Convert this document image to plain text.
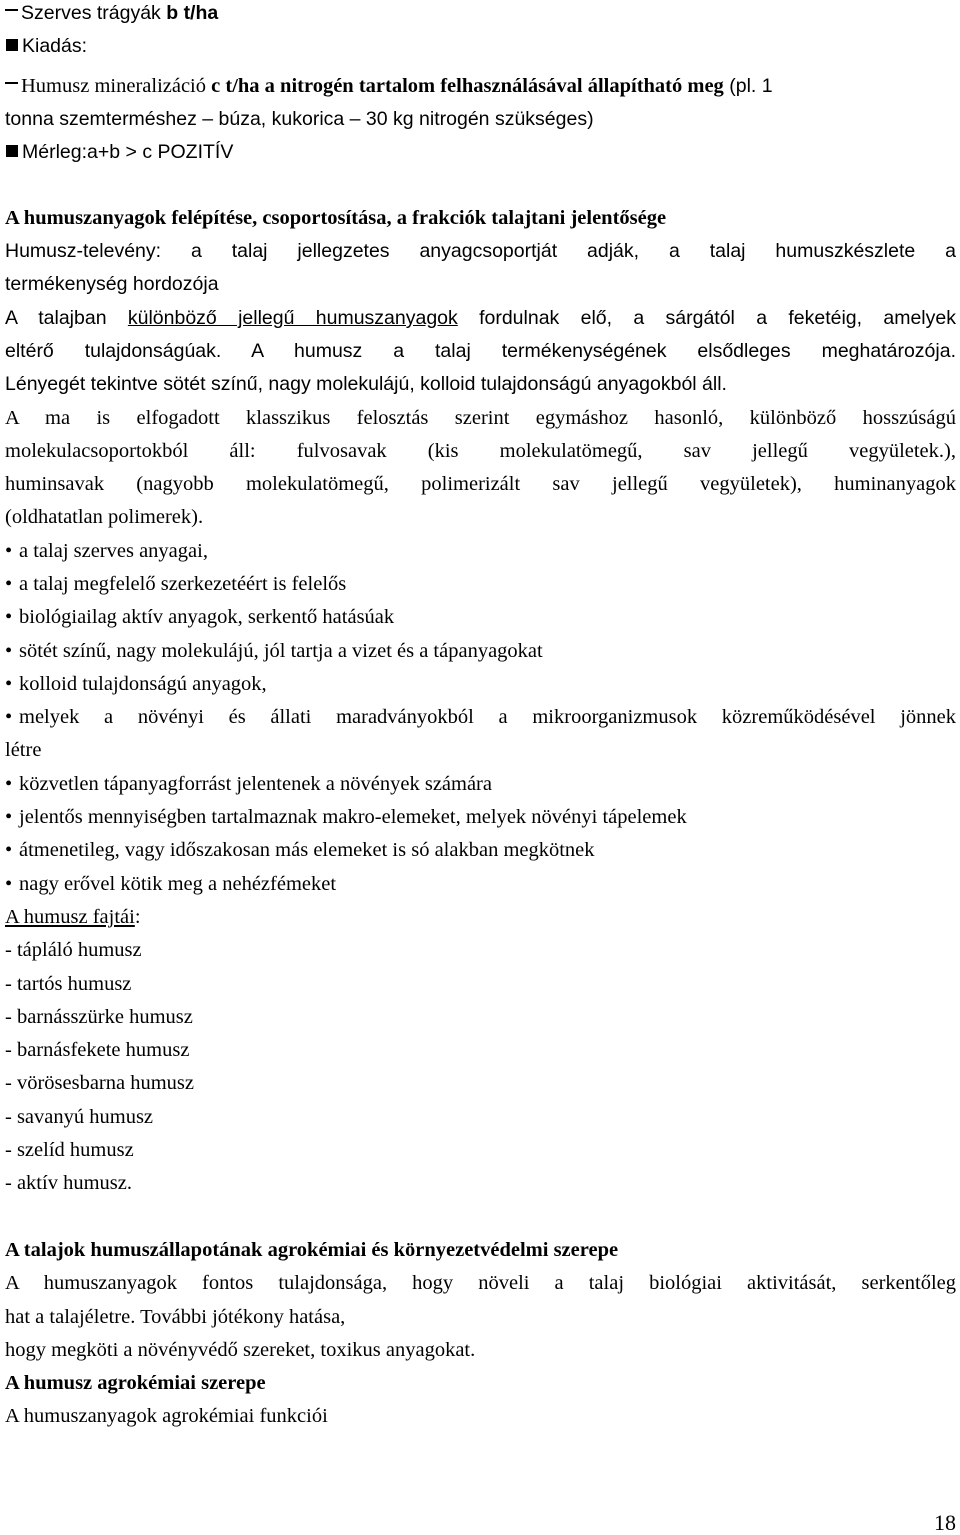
Szerves trágyák b t/ha
Kiadás:
Humusz mineralizáció c t/ha a nitrogén tartalom felhasználásával állapítható meg (pl. 1
tonna szemterméshez – búza, kukorica – 30 kg nitrogén szükséges)
Mérleg:a+b > c POZITÍV
A humuszanyagok felépítése, csoportosítása, a frakciók talajtani jelentősége
Humusz-televény: a talaj jellegzetes anyagcsoportját adják, a talaj humuszkészlete a
termékenység hordozója
A talajban különböző jellegű humuszanyagok fordulnak elő, a sárgától a feketéig, amelyek
eltérő tulajdonságúak. A humusz a talaj termékenységének elsődleges meghatározója.
Lényegét tekintve sötét színű, nagy molekulájú, kolloid tulajdonságú anyagokból áll.
A ma is elfogadott klasszikus felosztás szerint egymáshoz hasonló, különböző hosszúságú
molekulacsoportokból áll: fulvosavak (kis molekulatömegű, sav jellegű vegyületek.),
huminsavak (nagyobb molekulatömegű, polimerizált sav jellegű vegyületek), huminanyagok
(oldhatatlan polimerek).
• a talaj szerves anyagai,
• a talaj megfelelő szerkezetéért is felelős
• biológiailag aktív anyagok, serkentő hatásúak
• sötét színű, nagy molekulájú, jól tartja a vizet és a tápanyagokat
• kolloid tulajdonságú anyagok,
• melyek a növényi és állati maradványokból a mikroorganizmusok közreműködésével jönnek
létre
• közvetlen tápanyagforrást jelentenek a növények számára
• jelentős mennyiségben tartalmaznak makro-elemeket, melyek növényi tápelemek
• átmenetileg, vagy időszakosan más elemeket is só alakban megkötnek
• nagy erővel kötik meg a nehézfémeket
A humusz fajtái:
- tápláló humusz
- tartós humusz
- barnásszürke humusz
- barnásfekete humusz
- vörösesbarna humusz
- savanyú humusz
- szelíd humusz
- aktív humusz.
A talajok humuszállapotának agrokémiai és környezetvédelmi szerepe
A humuszanyagok fontos tulajdonsága, hogy növeli a talaj biológiai aktivitását, serkentőleg
hat a talajéletre. További jótékony hatása,
hogy megköti a növényvédő szereket, toxikus anyagokat.
A humusz agrokémiai szerepe
A humuszanyagok agrokémiai funkciói
18
